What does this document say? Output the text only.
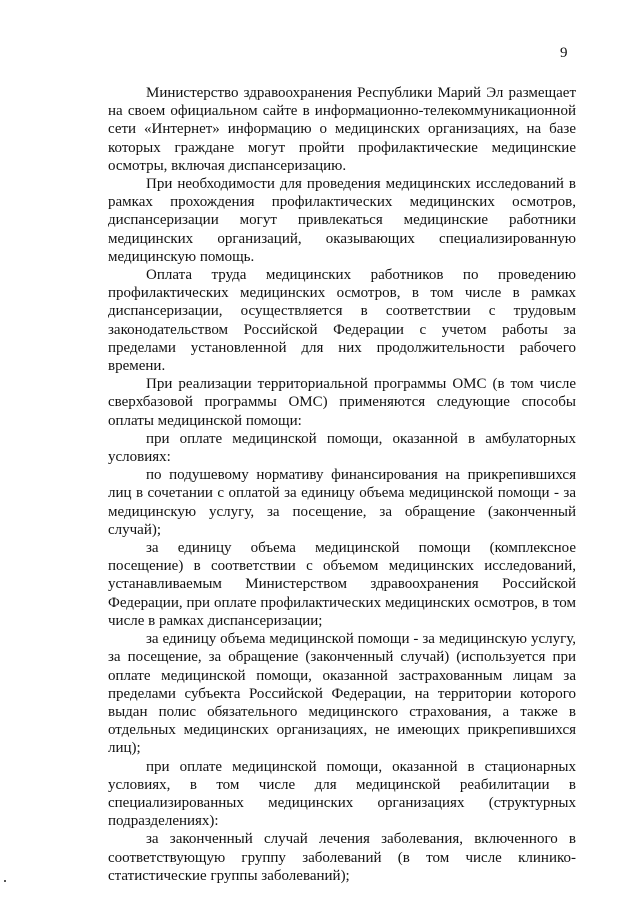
9

Министерство здравоохранения Республики Марий Эл размещает на своем официальном сайте в информационно-телекоммуникационной сети «Интернет» информацию о медицинских организациях, на базе которых граждане могут пройти профилактические медицинские осмотры, включая диспансеризацию.

При необходимости для проведения медицинских исследований в рамках прохождения профилактических медицинских осмотров, диспансеризации могут привлекаться медицинские работники медицинских организаций, оказывающих специализированную медицинскую помощь.

Оплата труда медицинских работников по проведению профилактических медицинских осмотров, в том числе в рамках диспансеризации, осуществляется в соответствии с трудовым законодательством Российской Федерации с учетом работы за пределами установленной для них продолжительности рабочего времени.

При реализации территориальной программы ОМС (в том числе сверхбазовой программы ОМС) применяются следующие способы оплаты медицинской помощи:

при оплате медицинской помощи, оказанной в амбулаторных условиях:

по подушевому нормативу финансирования на прикрепившихся лиц в сочетании с оплатой за единицу объема медицинской помощи - за медицинскую услугу, за посещение, за обращение (законченный случай);

за единицу объема медицинской помощи (комплексное посещение) в соответствии с объемом медицинских исследований, устанавливаемым Министерством здравоохранения Российской Федерации, при оплате профилактических медицинских осмотров, в том числе в рамках диспансеризации;

за единицу объема медицинской помощи - за медицинскую услугу, за посещение, за обращение (законченный случай) (используется при оплате медицинской помощи, оказанной застрахованным лицам за пределами субъекта Российской Федерации, на территории которого выдан полис обязательного медицинского страхования, а также в отдельных медицинских организациях, не имеющих прикрепившихся лиц);

при оплате медицинской помощи, оказанной в стационарных условиях, в том числе для медицинской реабилитации в специализированных медицинских организациях (структурных подразделениях):

за законченный случай лечения заболевания, включенного в соответствующую группу заболеваний (в том числе клинико-статистические группы заболеваний);
